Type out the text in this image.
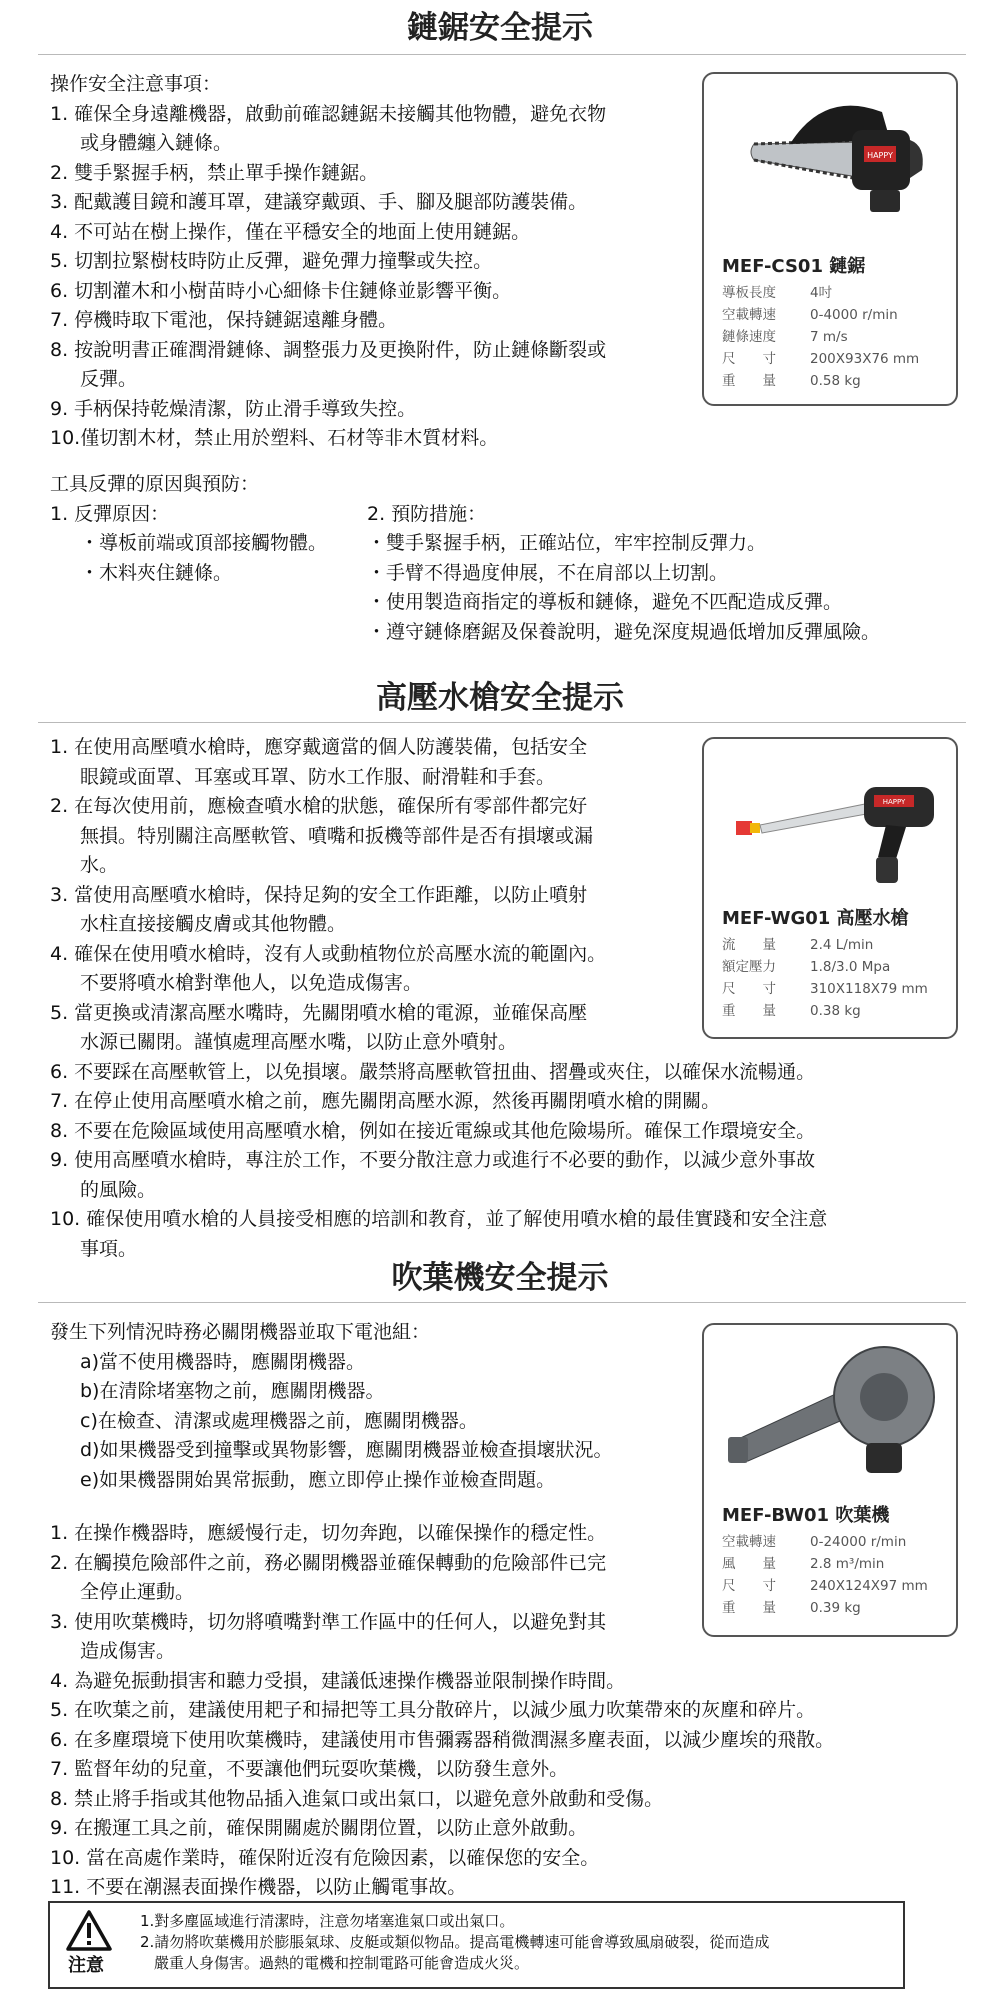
鏈鋸安全提示
操作安全注意事項：
1. 確保全身遠離機器，啟動前確認鏈鋸未接觸其他物體，避免衣物
或身體纏入鏈條。
2. 雙手緊握手柄，禁止單手操作鏈鋸。
3. 配戴護目鏡和護耳罩，建議穿戴頭、手、腳及腿部防護裝備。
4. 不可站在樹上操作，僅在平穩安全的地面上使用鏈鋸。
5. 切割拉緊樹枝時防止反彈，避免彈力撞擊或失控。
6. 切割灌木和小樹苗時小心細條卡住鏈條並影響平衡。
7. 停機時取下電池，保持鏈鋸遠離身體。
8. 按說明書正確潤滑鏈條、調整張力及更換附件，防止鏈條斷裂或
反彈。
9. 手柄保持乾燥清潔，防止滑手導致失控。
10.僅切割木材，禁止用於塑料、石材等非木質材料。
HAPPY
MEF-CS01 鏈鋸
導板長度	4吋
空載轉速	0-4000 r/min
鏈條速度	7 m/s
尺　　寸	200X93X76 mm
重　　量	0.58 kg
工具反彈的原因與預防：
1. 反彈原因：
・導板前端或頂部接觸物體。
・木料夾住鏈條。
2. 預防措施：
・雙手緊握手柄，正確站位，牢牢控制反彈力。
・手臂不得過度伸展，不在肩部以上切割。
・使用製造商指定的導板和鏈條，避免不匹配造成反彈。
・遵守鏈條磨鋸及保養說明，避免深度規過低增加反彈風險。
高壓水槍安全提示
1. 在使用高壓噴水槍時，應穿戴適當的個人防護裝備，包括安全
眼鏡或面罩、耳塞或耳罩、防水工作服、耐滑鞋和手套。
2. 在每次使用前，應檢查噴水槍的狀態，確保所有零部件都完好
無損。特別關注高壓軟管、噴嘴和扳機等部件是否有損壞或漏
水。
3. 當使用高壓噴水槍時，保持足夠的安全工作距離，以防止噴射
水柱直接接觸皮膚或其他物體。
4. 確保在使用噴水槍時，沒有人或動植物位於高壓水流的範圍內。
不要將噴水槍對準他人，以免造成傷害。
5. 當更換或清潔高壓水嘴時，先關閉噴水槍的電源，並確保高壓
水源已關閉。謹慎處理高壓水嘴，以防止意外噴射。
6. 不要踩在高壓軟管上，以免損壞。嚴禁將高壓軟管扭曲、摺疊或夾住，以確保水流暢通。
7. 在停止使用高壓噴水槍之前，應先關閉高壓水源，然後再關閉噴水槍的開關。
8. 不要在危險區域使用高壓噴水槍，例如在接近電線或其他危險場所。確保工作環境安全。
9. 使用高壓噴水槍時，專注於工作，不要分散注意力或進行不必要的動作，以減少意外事故
的風險。
10. 確保使用噴水槍的人員接受相應的培訓和教育，並了解使用噴水槍的最佳實踐和安全注意
事項。
HAPPY
MEF-WG01 高壓水槍
流　　量	2.4 L/min
額定壓力	1.8/3.0 Mpa
尺　　寸	310X118X79 mm
重　　量	0.38 kg
吹葉機安全提示
發生下列情況時務必關閉機器並取下電池組：
a)當不使用機器時，應關閉機器。
b)在清除堵塞物之前，應關閉機器。
c)在檢查、清潔或處理機器之前，應關閉機器。
d)如果機器受到撞擊或異物影響，應關閉機器並檢查損壞狀況。
e)如果機器開始異常振動，應立即停止操作並檢查問題。
1. 在操作機器時，應緩慢行走，切勿奔跑，以確保操作的穩定性。
2. 在觸摸危險部件之前，務必關閉機器並確保轉動的危險部件已完
全停止運動。
3. 使用吹葉機時，切勿將噴嘴對準工作區中的任何人，以避免對其
造成傷害。
4. 為避免振動損害和聽力受損，建議低速操作機器並限制操作時間。
5. 在吹葉之前，建議使用耙子和掃把等工具分散碎片，以減少風力吹葉帶來的灰塵和碎片。
6. 在多塵環境下使用吹葉機時，建議使用市售彌霧器稍微潤濕多塵表面，以減少塵埃的飛散。
7. 監督年幼的兒童，不要讓他們玩耍吹葉機，以防發生意外。
8. 禁止將手指或其他物品插入進氣口或出氣口，以避免意外啟動和受傷。
9. 在搬運工具之前，確保開關處於關閉位置，以防止意外啟動。
10. 當在高處作業時，確保附近沒有危險因素，以確保您的安全。
11. 不要在潮濕表面操作機器，以防止觸電事故。
MEF-BW01 吹葉機
空載轉速	0-24000 r/min
風　　量	2.8 m³/min
尺　　寸	240X124X97 mm
重　　量	0.39 kg
注意
1.對多塵區域進行清潔時，注意勿堵塞進氣口或出氣口。
2.請勿將吹葉機用於膨脹氣球、皮艇或類似物品。提高電機轉速可能會導致風扇破裂，從而造成
嚴重人身傷害。過熱的電機和控制電路可能會造成火災。
